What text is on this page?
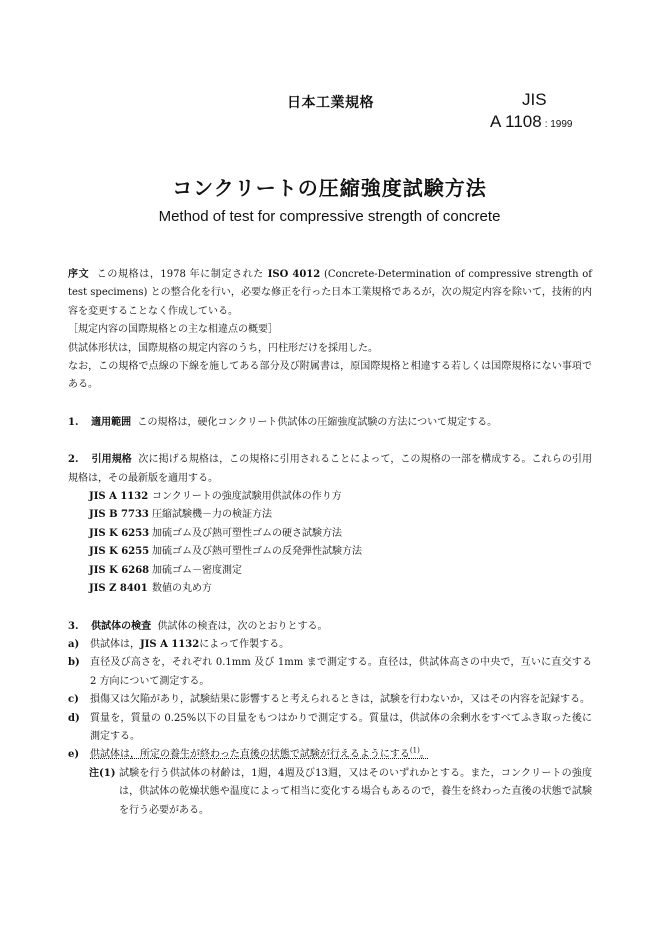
日本工業規格	JIS
A 1108 : 1999
コンクリートの圧縮強度試験方法
Method of test for compressive strength of concrete

序文 この規格は，1978 年に制定された ISO 4012 (Concrete-Determination of compressive strength of test specimens) との整合化を行い，必要な修正を行った日本工業規格であるが，次の規定内容を除いて，技術的内容を変更することなく作成している。

［規定内容の国際規格との主な相違点の概要］

供試体形状は，国際規格の規定内容のうち，円柱形だけを採用した。

なお，この規格で点線の下線を施してある部分及び附属書は，原国際規格と相違する若しくは国際規格にない事項である。

1. 適用範囲 この規格は，硬化コンクリート供試体の圧縮強度試験の方法について規定する。

2. 引用規格 次に掲げる規格は，この規格に引用されることによって，この規格の一部を構成する。これらの引用規格は，その最新版を適用する。

JIS A 1132 コンクリートの強度試験用供試体の作り方
JIS B 7733 圧縮試験機－力の検証方法
JIS K 6253 加硫ゴム及び熱可塑性ゴムの硬さ試験方法
JIS K 6255 加硫ゴム及び熱可塑性ゴムの反発弾性試験方法
JIS K 6268 加硫ゴム－密度測定
JIS Z 8401 数値の丸め方

3. 供試体の検査 供試体の検査は，次のとおりとする。

a)	供試体は，JIS A 1132によって作製する。
b)	直径及び高さを，それぞれ 0.1mm 及び 1mm まで測定する。直径は，供試体高さの中央で，互いに直交する 2 方向について測定する。
c)	損傷又は欠陥があり，試験結果に影響すると考えられるときは，試験を行わないか，又はその内容を記録する。
d)	質量を，質量の 0.25%以下の目量をもつはかりで測定する。質量は，供試体の余剰水をすべてふき取った後に測定する。
e)	供試体は，所定の養生が終わった直後の状態で試験が行えるようにする$^{(1)}$。
注(1) 試験を行う供試体の材齢は，1週，4週及び13週，又はそのいずれかとする。また，コンクリートの強度は，供試体の乾燥状態や温度によって相当に変化する場合もあるので，養生を終わった直後の状態で試験を行う必要がある。
